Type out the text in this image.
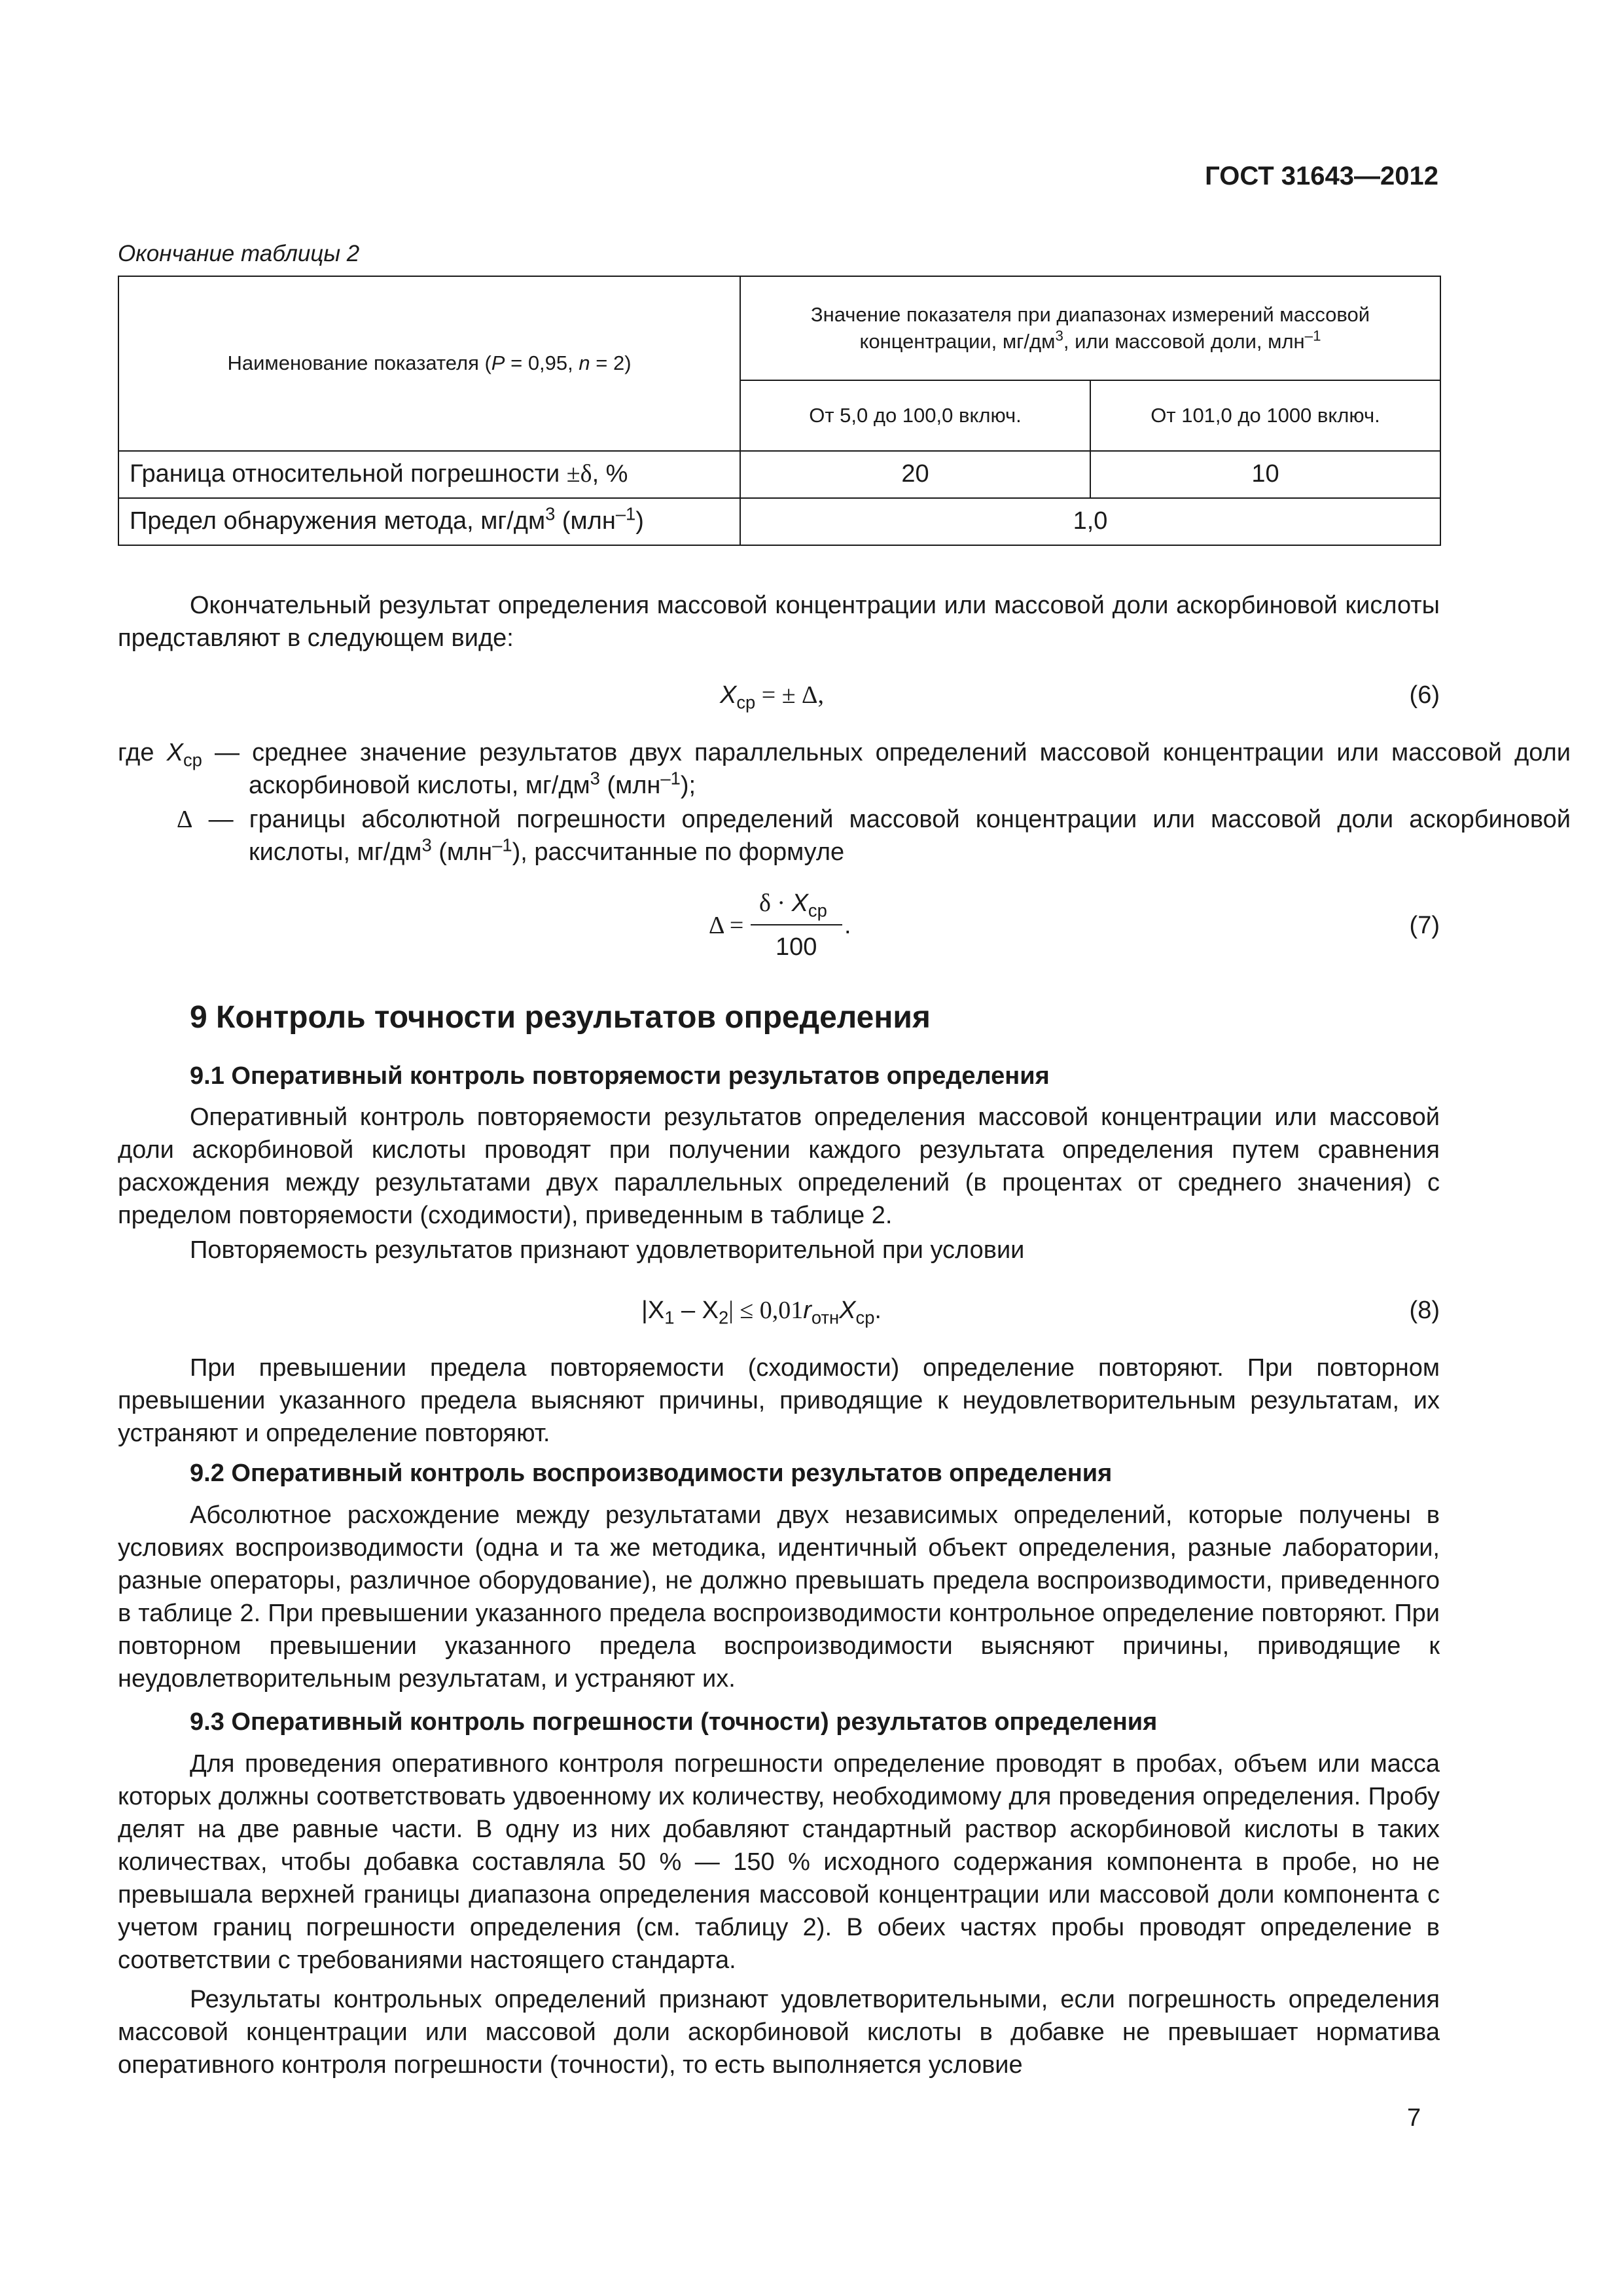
ГОСТ 31643—2012
Окончание таблицы 2
Наименование показателя (P = 0,95, n = 2)	Значение показателя при диапазонах измерений массовой концентрации, $мг/дм^3$, или массовой доли, млн$^{-1}$
	От 5,0 до 100,0 включ.	От 101,0 до 1000 включ.
Граница относительной погрешности ±δ, %	20	10
Предел обнаружения метода, $мг/дм^3$ (млн$^{-1}$)	1,0	
Окончательный результат определения массовой концентрации или массовой доли аскорбиновой кислоты представляют в следующем виде:
$X_{ср}$ = ± Δ,	(6)
где $X_{ср}$ — среднее значение результатов двух параллельных определений массовой концентрации или массовой доли аскорбиновой кислоты, $мг/дм^3$ (млн$^{-1}$);
Δ — границы абсолютной погрешности определений массовой концентрации или массовой доли аскорбиновой кислоты, $мг/дм^3$ (млн$^{-1}$), рассчитанные по формуле
Δ =
$\delta \cdot X_{ср}$
100
.	(7)
9 Контроль точности результатов определения
9.1 Оперативный контроль повторяемости результатов определения
Оперативный контроль повторяемости результатов определения массовой концентрации или массовой доли аскорбиновой кислоты проводят при получении каждого результата определения путем сравнения расхождения между результатами двух параллельных определений (в процентах от среднего значения) с пределом повторяемости (сходимости), приведенным в таблице 2.
Повторяемость результатов признают удовлетворительной при условии
$|X_1 - X_2| \le 0,01r_{отн}X_{ср}$.	(8)
При превышении предела повторяемости (сходимости) определение повторяют. При повторном превышении указанного предела выясняют причины, приводящие к неудовлетворительным результатам, их устраняют и определение повторяют.
9.2 Оперативный контроль воспроизводимости результатов определения
Абсолютное расхождение между результатами двух независимых определений, которые получены в условиях воспроизводимости (одна и та же методика, идентичный объект определения, разные лаборатории, разные операторы, различное оборудование), не должно превышать предела воспроизводимости, приведенного в таблице 2. При превышении указанного предела воспроизводимости контрольное определение повторяют. При повторном превышении указанного предела воспроизводимости выясняют причины, приводящие к неудовлетворительным результатам, и устраняют их.
9.3 Оперативный контроль погрешности (точности) результатов определения
Для проведения оперативного контроля погрешности определение проводят в пробах, объем или масса которых должны соответствовать удвоенному их количеству, необходимому для проведения определения. Пробу делят на две равные части. В одну из них добавляют стандартный раствор аскорбиновой кислоты в таких количествах, чтобы добавка составляла 50 % — 150 % исходного содержания компонента в пробе, но не превышала верхней границы диапазона определения массовой концентрации или массовой доли компонента с учетом границ погрешности определения (см. таблицу 2). В обеих частях пробы проводят определение в соответствии с требованиями настоящего стандарта.
Результаты контрольных определений признают удовлетворительными, если погрешность определения массовой концентрации или массовой доли аскорбиновой кислоты в добавке не превышает норматива оперативного контроля погрешности (точности), то есть выполняется условие
7
